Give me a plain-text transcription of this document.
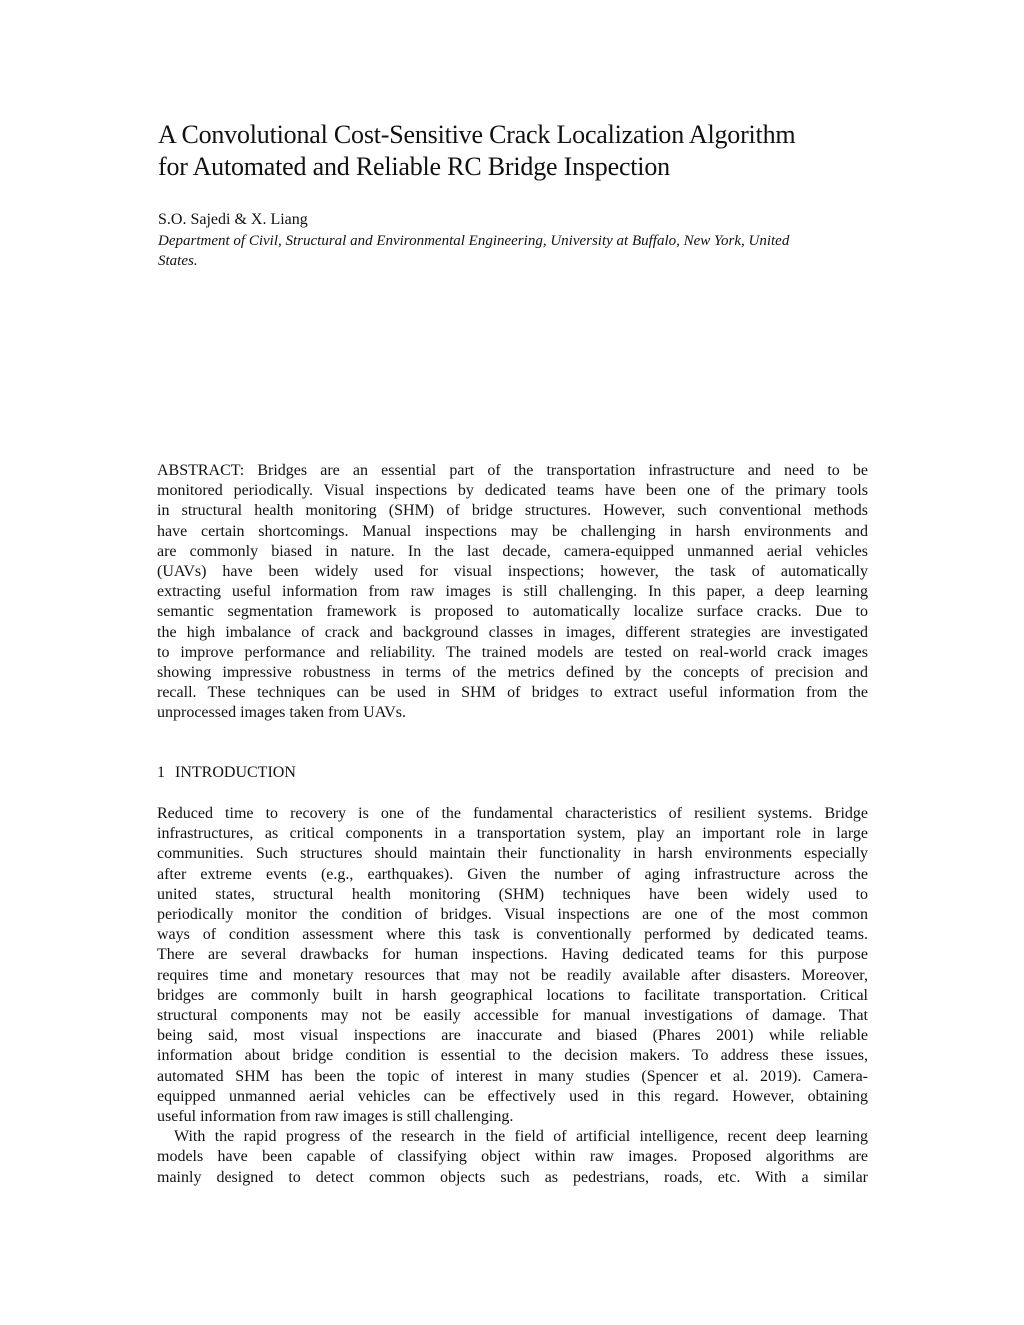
A Convolutional Cost-Sensitive Crack Localization Algorithm
for Automated and Reliable RC Bridge Inspection
S.O. Sajedi & X. Liang
Department of Civil, Structural and Environmental Engineering, University at Buffalo, New York, United
States.

ABSTRACT: Bridges are an essential part of the transportation infrastructure and need to be
monitored periodically. Visual inspections by dedicated teams have been one of the primary tools
in structural health monitoring (SHM) of bridge structures. However, such conventional methods
have certain shortcomings. Manual inspections may be challenging in harsh environments and
are commonly biased in nature. In the last decade, camera-equipped unmanned aerial vehicles
(UAVs) have been widely used for visual inspections; however, the task of automatically
extracting useful information from raw images is still challenging. In this paper, a deep learning
semantic segmentation framework is proposed to automatically localize surface cracks. Due to
the high imbalance of crack and background classes in images, different strategies are investigated
to improve performance and reliability. The trained models are tested on real-world crack images
showing impressive robustness in terms of the metrics defined by the concepts of precision and
recall. These techniques can be used in SHM of bridges to extract useful information from the
unprocessed images taken from UAVs.

1 INTRODUCTION
Reduced time to recovery is one of the fundamental characteristics of resilient systems. Bridge
infrastructures, as critical components in a transportation system, play an important role in large
communities. Such structures should maintain their functionality in harsh environments especially
after extreme events (e.g., earthquakes). Given the number of aging infrastructure across the
united states, structural health monitoring (SHM) techniques have been widely used to
periodically monitor the condition of bridges. Visual inspections are one of the most common
ways of condition assessment where this task is conventionally performed by dedicated teams.
There are several drawbacks for human inspections. Having dedicated teams for this purpose
requires time and monetary resources that may not be readily available after disasters. Moreover,
bridges are commonly built in harsh geographical locations to facilitate transportation. Critical
structural components may not be easily accessible for manual investigations of damage. That
being said, most visual inspections are inaccurate and biased (Phares 2001) while reliable
information about bridge condition is essential to the decision makers. To address these issues,
automated SHM has been the topic of interest in many studies (Spencer et al. 2019). Camera-
equipped unmanned aerial vehicles can be effectively used in this regard. However, obtaining
useful information from raw images is still challenging.
With the rapid progress of the research in the field of artificial intelligence, recent deep learning
models have been capable of classifying object within raw images. Proposed algorithms are
mainly designed to detect common objects such as pedestrians, roads, etc. With a similar
